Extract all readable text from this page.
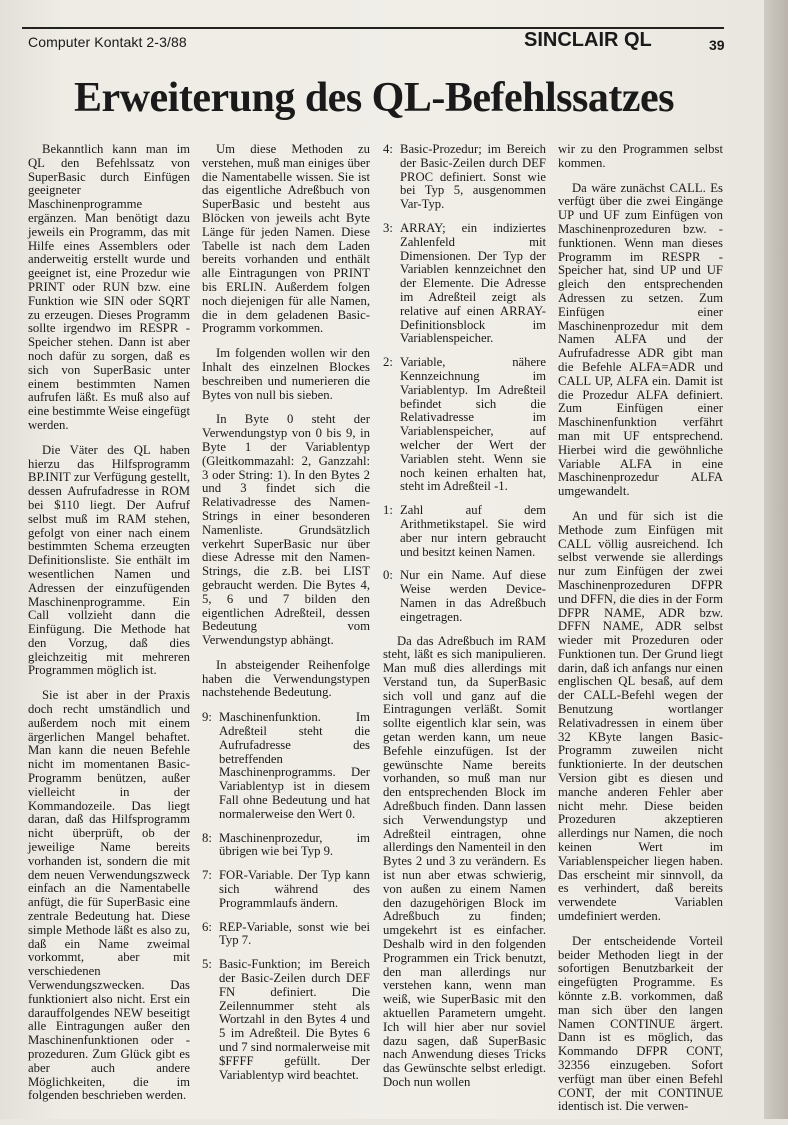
Computer Kontakt 2-3/88	SINCLAIR QL	39
Erweiterung des QL-Befehlssatzes

Bekanntlich kann man im QL den Befehlssatz von SuperBasic durch Einfügen geeigneter Maschinenprogramme ergänzen. Man benötigt dazu jeweils ein Programm, das mit Hilfe eines Assemblers oder anderweitig erstellt wurde und geeignet ist, eine Prozedur wie PRINT oder RUN bzw. eine Funktion wie SIN oder SQRT zu erzeugen. Dieses Programm sollte irgendwo im RESPR - Speicher stehen. Dann ist aber noch dafür zu sorgen, daß es sich von SuperBasic unter einem bestimmten Namen aufrufen läßt. Es muß also auf eine bestimmte Weise eingefügt werden.

Die Väter des QL haben hierzu das Hilfsprogramm BP.INIT zur Verfügung gestellt, dessen Aufrufadresse in ROM bei $110 liegt. Der Aufruf selbst muß im RAM stehen, gefolgt von einer nach einem bestimmten Schema erzeugten Definitionsliste. Sie enthält im wesentlichen Namen und Adressen der einzufügenden Maschinenprogramme. Ein Call vollzieht dann die Einfügung. Die Methode hat den Vorzug, daß dies gleichzeitig mit mehreren Programmen möglich ist.

Sie ist aber in der Praxis doch recht umständlich und außerdem noch mit einem ärgerlichen Mangel behaftet. Man kann die neuen Befehle nicht im momentanen Basic-Programm benützen, außer vielleicht in der Kommandozeile. Das liegt daran, daß das Hilfsprogramm nicht überprüft, ob der jeweilige Name bereits vorhanden ist, sondern die mit dem neuen Verwendungszweck einfach an die Namentabelle anfügt, die für SuperBasic eine zentrale Bedeutung hat. Diese simple Methode läßt es also zu, daß ein Name zweimal vorkommt, aber mit verschiedenen Verwendungszwecken. Das funktioniert also nicht. Erst ein darauffolgendes NEW beseitigt alle Eintragungen außer den Maschinenfunktionen oder -prozeduren. Zum Glück gibt es aber auch andere Möglichkeiten, die im folgenden beschrieben werden.

Um diese Methoden zu verstehen, muß man einiges über die Namentabelle wissen. Sie ist das eigentliche Adreßbuch von SuperBasic und besteht aus Blöcken von jeweils acht Byte Länge für jeden Namen. Diese Tabelle ist nach dem Laden bereits vorhanden und enthält alle Eintragungen von PRINT bis ERLIN. Außerdem folgen noch diejenigen für alle Namen, die in dem geladenen Basic-Programm vorkommen.

Im folgenden wollen wir den Inhalt des einzelnen Blockes beschreiben und numerieren die Bytes von null bis sieben.

In Byte 0 steht der Verwendungstyp von 0 bis 9, in Byte 1 der Variablentyp (Gleitkommazahl: 2, Ganzzahl: 3 oder String: 1). In den Bytes 2 und 3 findet sich die Relativadresse des Namen-Strings in einer besonderen Namenliste. Grundsätzlich verkehrt SuperBasic nur über diese Adresse mit den Namen-Strings, die z.B. bei LIST gebraucht werden. Die Bytes 4, 5, 6 und 7 bilden den eigentlichen Adreßteil, dessen Bedeutung vom Verwendungstyp abhängt.

In absteigender Reihenfolge haben die Verwendungstypen nachstehende Bedeutung.

9: Maschinenfunktion. Im Adreßteil steht die Aufrufadresse des betreffenden Maschinenprogramms. Der Variablentyp ist in diesem Fall ohne Bedeutung und hat normalerweise den Wert 0.
8: Maschinenprozedur, im übrigen wie bei Typ 9.
7: FOR-Variable. Der Typ kann sich während des Programmlaufs ändern.
6: REP-Variable, sonst wie bei Typ 7.
5: Basic-Funktion; im Bereich der Basic-Zeilen durch DEF FN definiert. Die Zeilennummer steht als Wortzahl in den Bytes 4 und 5 im Adreßteil. Die Bytes 6 und 7 sind normalerweise mit $FFFF gefüllt. Der Variablentyp wird beachtet.
4: Basic-Prozedur; im Bereich der Basic-Zeilen durch DEF PROC definiert. Sonst wie bei Typ 5, ausgenommen Var-Typ.
3: ARRAY; ein indiziertes Zahlenfeld mit Dimensionen. Der Typ der Variablen kennzeichnet den der Elemente. Die Adresse im Adreßteil zeigt als relative auf einen ARRAY-Definitionsblock im Variablenspeicher.
2: Variable, nähere Kennzeichnung im Variablentyp. Im Adreßteil befindet sich die Relativadresse im Variablenspeicher, auf welcher der Wert der Variablen steht. Wenn sie noch keinen erhalten hat, steht im Adreßteil -1.
1: Zahl auf dem Arithmetikstapel. Sie wird aber nur intern gebraucht und besitzt keinen Namen.
0: Nur ein Name. Auf diese Weise werden Device-Namen in das Adreßbuch eingetragen.

Da das Adreßbuch im RAM steht, läßt es sich manipulieren. Man muß dies allerdings mit Verstand tun, da SuperBasic sich voll und ganz auf die Eintragungen verläßt. Somit sollte eigentlich klar sein, was getan werden kann, um neue Befehle einzufügen. Ist der gewünschte Name bereits vorhanden, so muß man nur den entsprechenden Block im Adreßbuch finden. Dann lassen sich Verwendungstyp und Adreßteil eintragen, ohne allerdings den Namenteil in den Bytes 2 und 3 zu verändern. Es ist nun aber etwas schwierig, von außen zu einem Namen den dazugehörigen Block im Adreßbuch zu finden; umgekehrt ist es einfacher. Deshalb wird in den folgenden Programmen ein Trick benutzt, den man allerdings nur verstehen kann, wenn man weiß, wie SuperBasic mit den aktuellen Parametern umgeht. Ich will hier aber nur soviel dazu sagen, daß SuperBasic nach Anwendung dieses Tricks das Gewünschte selbst erledigt. Doch nun wollen

wir zu den Programmen selbst kommen.

Da wäre zunächst CALL. Es verfügt über die zwei Eingänge UP und UF zum Einfügen von Maschinenprozeduren bzw. -funktionen. Wenn man dieses Programm im RESPR - Speicher hat, sind UP und UF gleich den entsprechenden Adressen zu setzen. Zum Einfügen einer Maschinenprozedur mit dem Namen ALFA und der Aufrufadresse ADR gibt man die Befehle ALFA=ADR und CALL UP, ALFA ein. Damit ist die Prozedur ALFA definiert. Zum Einfügen einer Maschinenfunktion verfährt man mit UF entsprechend. Hierbei wird die gewöhnliche Variable ALFA in eine Maschinenprozedur ALFA umgewandelt.

An und für sich ist die Methode zum Einfügen mit CALL völlig ausreichend. Ich selbst verwende sie allerdings nur zum Einfügen der zwei Maschinenprozeduren DFPR und DFFN, die dies in der Form DFPR NAME, ADR bzw. DFFN NAME, ADR selbst wieder mit Prozeduren oder Funktionen tun. Der Grund liegt darin, daß ich anfangs nur einen englischen QL besaß, auf dem der CALL-Befehl wegen der Benutzung wortlanger Relativadressen in einem über 32 KByte langen Basic-Programm zuweilen nicht funktionierte. In der deutschen Version gibt es diesen und manche anderen Fehler aber nicht mehr. Diese beiden Prozeduren akzeptieren allerdings nur Namen, die noch keinen Wert im Variablenspeicher liegen haben. Das erscheint mir sinnvoll, da es verhindert, daß bereits verwendete Variablen umdefiniert werden.

Der entscheidende Vorteil beider Methoden liegt in der sofortigen Benutzbarkeit der eingefügten Programme. Es könnte z.B. vorkommen, daß man sich über den langen Namen CONTINUE ärgert. Dann ist es möglich, das Kommando DFPR CONT, 32356 einzugeben. Sofort verfügt man über einen Befehl CONT, der mit CONTINUE identisch ist. Die verwen-
